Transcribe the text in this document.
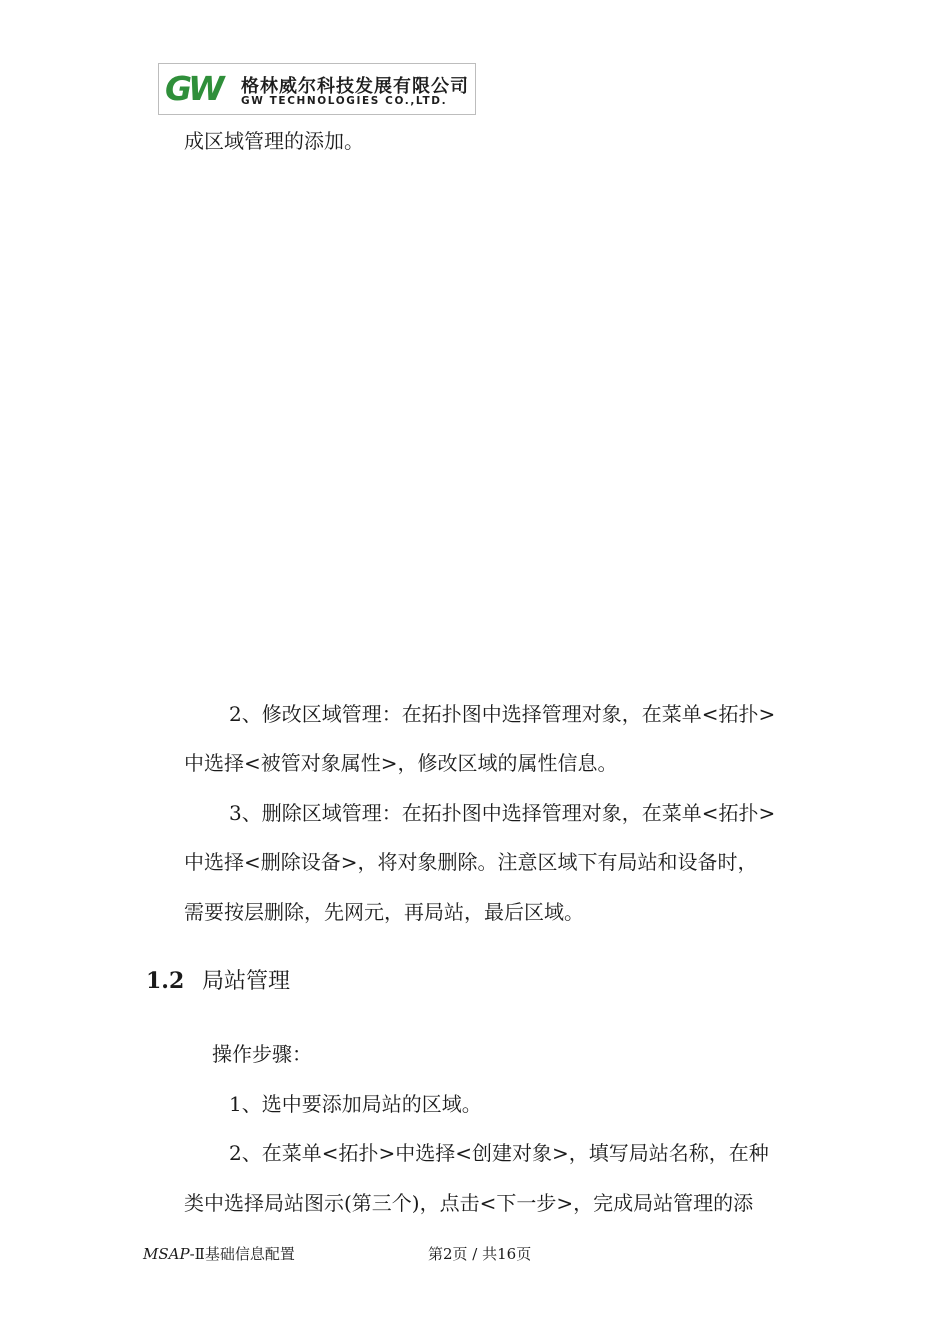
GW	格林威尔科技发展有限公司
GW TECHNOLOGIES CO.,LTD.

成区域管理的添加。

2、修改区域管理：在拓扑图中选择管理对象，在菜单<拓扑>

中选择<被管对象属性>，修改区域的属性信息。

3、删除区域管理：在拓扑图中选择管理对象，在菜单<拓扑>

中选择<删除设备>，将对象删除。注意区域下有局站和设备时，

需要按层删除，先网元，再局站，最后区域。

1.2 局站管理

操作步骤：

1、选中要添加局站的区域。

2、在菜单<拓扑>中选择<创建对象>，填写局站名称，在种

类中选择局站图示(第三个)，点击<下一步>，完成局站管理的添

MSAP-Ⅱ基础信息配置	第2页 / 共16页
